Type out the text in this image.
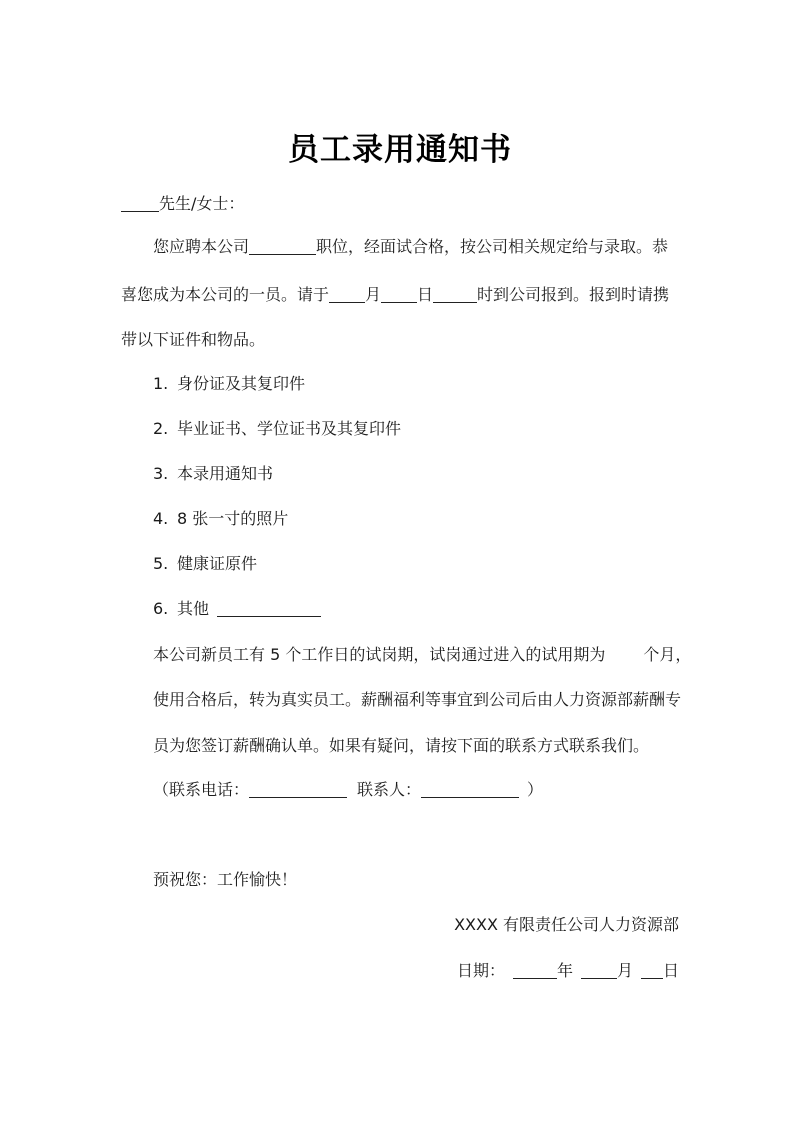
员工录用通知书
先生/女士：
您应聘本公司	职位，经面试合格，按公司相关规定给与录取。恭
喜您成为本公司的一员。请于 月 日	时到公司报到。报到时请携
带以下证件和物品。
1. 身份证及其复印件
2. 毕业证书、学位证书及其复印件
3. 本录用通知书
4. 8 张一寸的照片
5. 健康证原件
6. 其他
本公司新员工有 5 个工作日的试岗期，试岗通过进入的试用期为 个月，
使用合格后，转为真实员工。薪酬福利等事宜到公司后由人力资源部薪酬专
员为您签订薪酬确认单。如果有疑问，请按下面的联系方式联系我们。
（联系电话：	联系人：	）
预祝您：工作愉快！
XXXX 有限责任公司人力资源部
日期：	年	月 日
